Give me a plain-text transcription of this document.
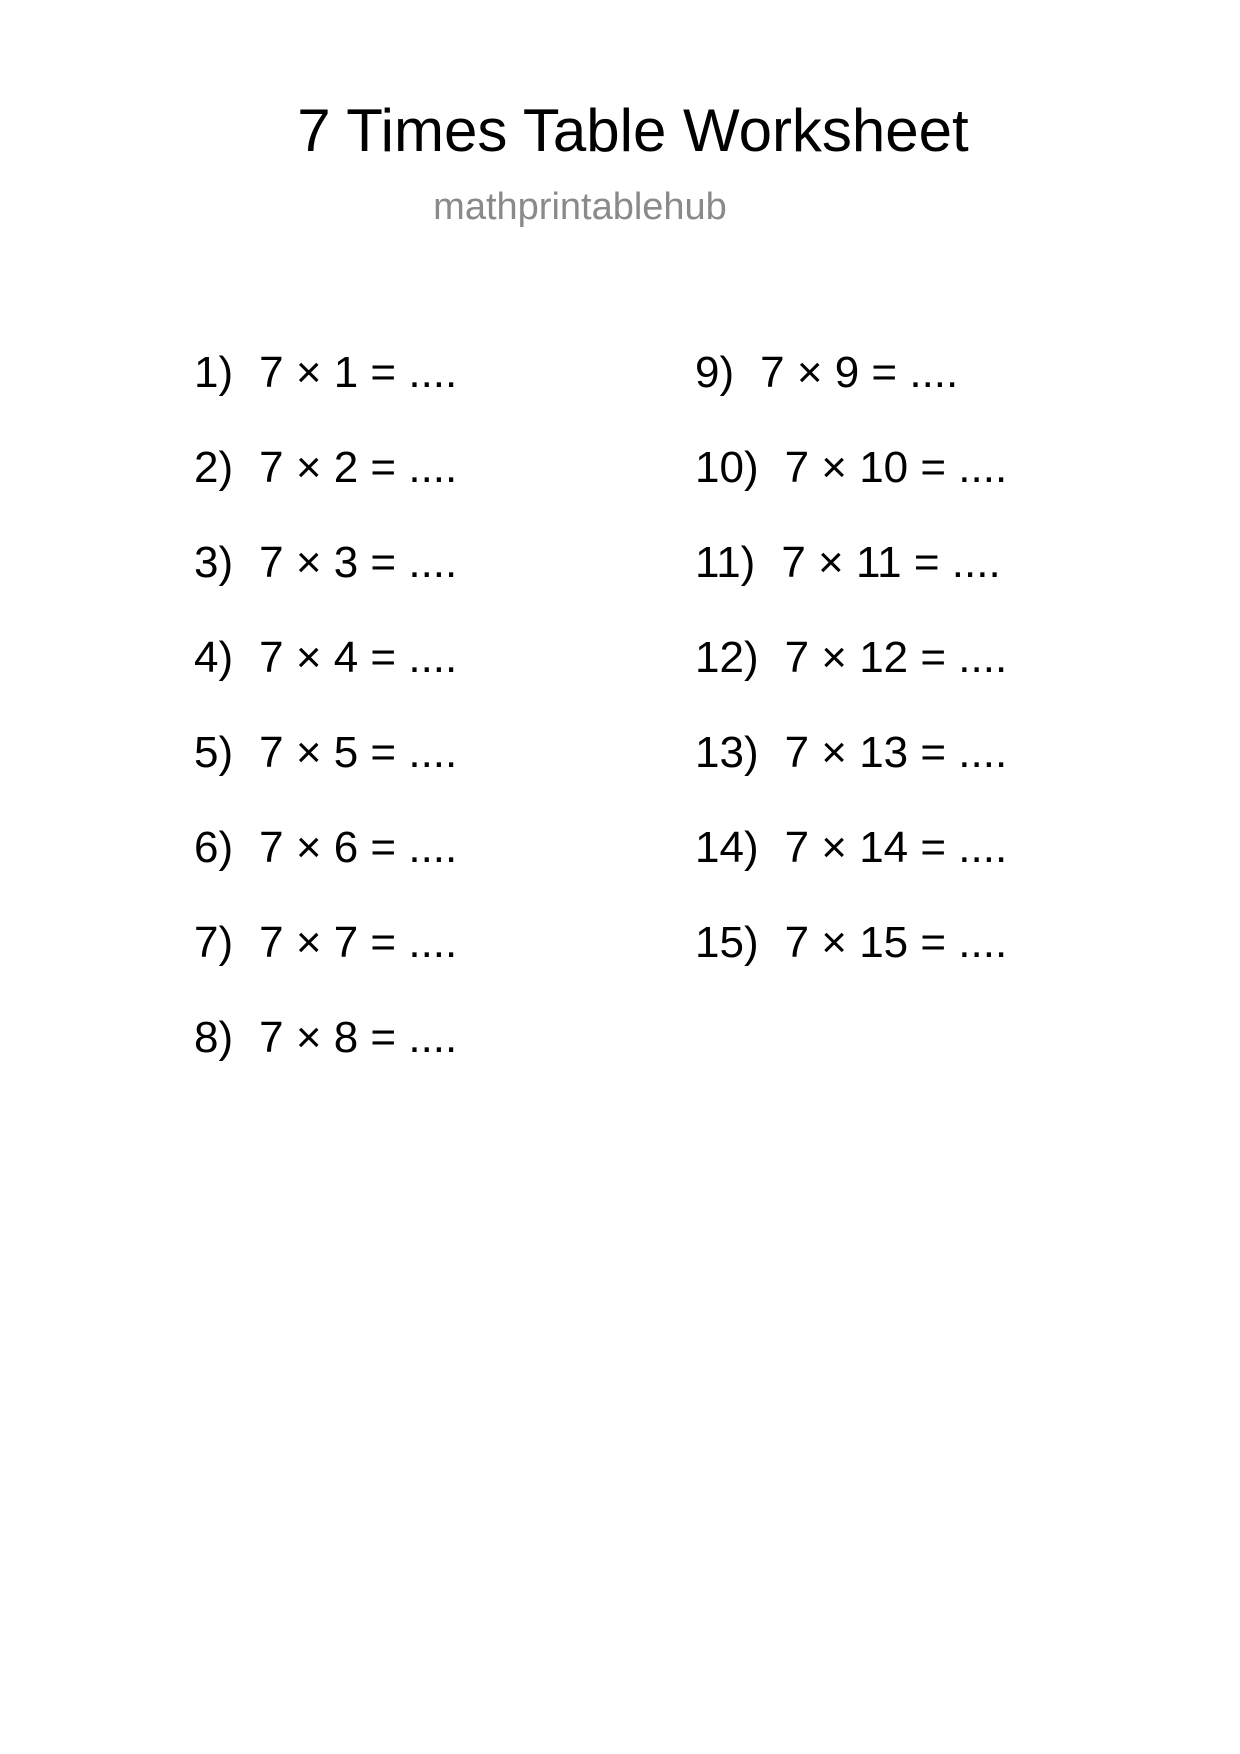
7 Times Table Worksheet
mathprintablehub
1) 7 × 1 = ....
2) 7 × 2 = ....
3) 7 × 3 = ....
4) 7 × 4 = ....
5) 7 × 5 = ....
6) 7 × 6 = ....
7) 7 × 7 = ....
8) 7 × 8 = ....
9) 7 × 9 = ....
10) 7 × 10 = ....
11) 7 × 11 = ....
12) 7 × 12 = ....
13) 7 × 13 = ....
14) 7 × 14 = ....
15) 7 × 15 = ....
